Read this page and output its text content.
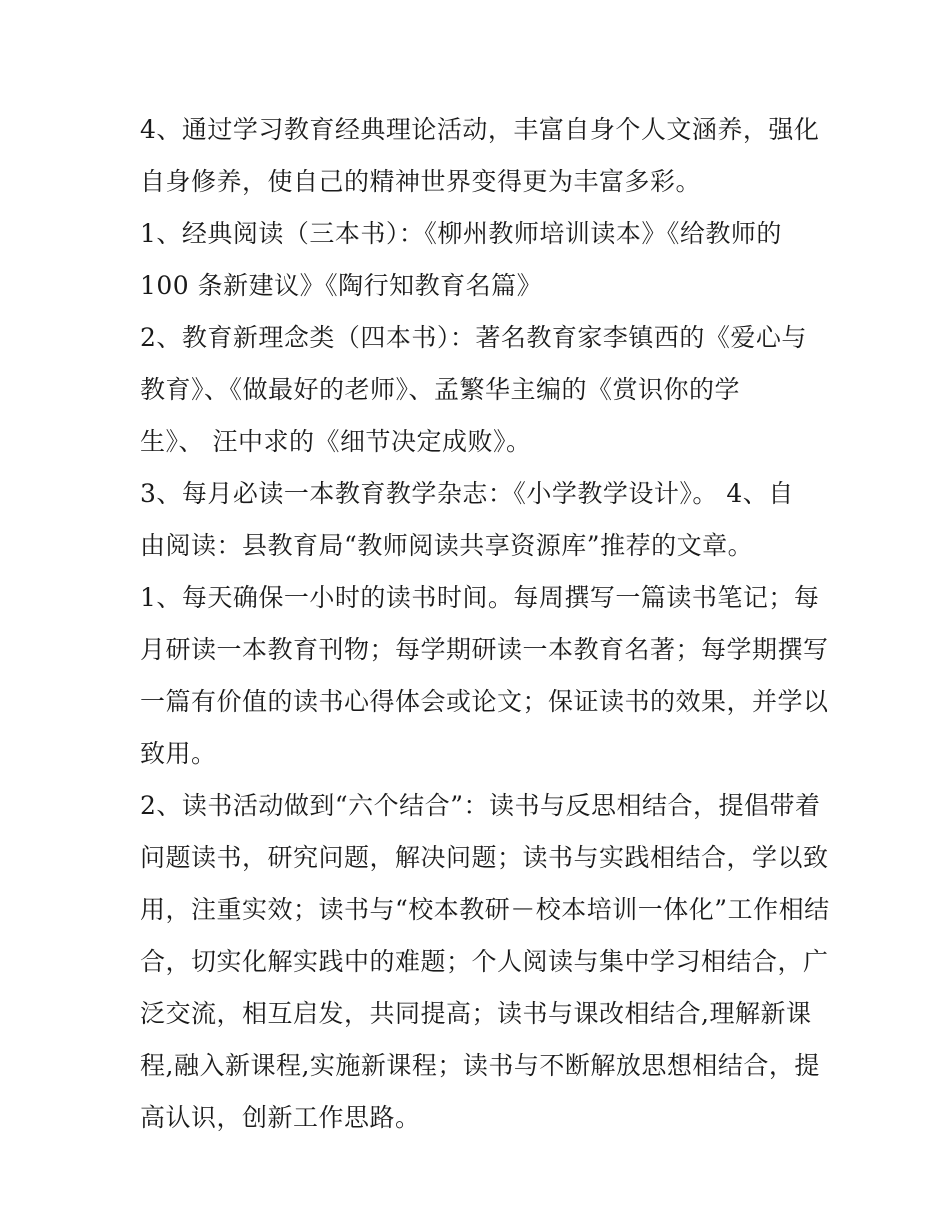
4、通过学习教育经典理论活动，丰富自身个人文涵养，强化
自身修养，使自己的精神世界变得更为丰富多彩。
1、经典阅读（三本书）：《柳州教师培训读本》《给教师的
100 条新建议》《陶行知教育名篇》
2、教育新理念类（四本书）：著名教育家李镇西的《爱心与
教育》、《做最好的老师》、孟繁华主编的《赏识你的学
生》、 汪中求的《细节决定成败》。
3、每月必读一本教育教学杂志：《小学教学设计》。 4、自
由阅读：县教育局“教师阅读共享资源库”推荐的文章。
1、每天确保一小时的读书时间。每周撰写一篇读书笔记；每
月研读一本教育刊物；每学期研读一本教育名著；每学期撰写
一篇有价值的读书心得体会或论文；保证读书的效果，并学以
致用。
2、读书活动做到“六个结合”：读书与反思相结合，提倡带着
问题读书，研究问题，解决问题；读书与实践相结合，学以致
用，注重实效；读书与“校本教研－校本培训一体化”工作相结
合，切实化解实践中的难题；个人阅读与集中学习相结合，广
泛交流，相互启发，共同提高；读书与课改相结合,理解新课
程,融入新课程,实施新课程；读书与不断解放思想相结合，提
高认识，创新工作思路。
